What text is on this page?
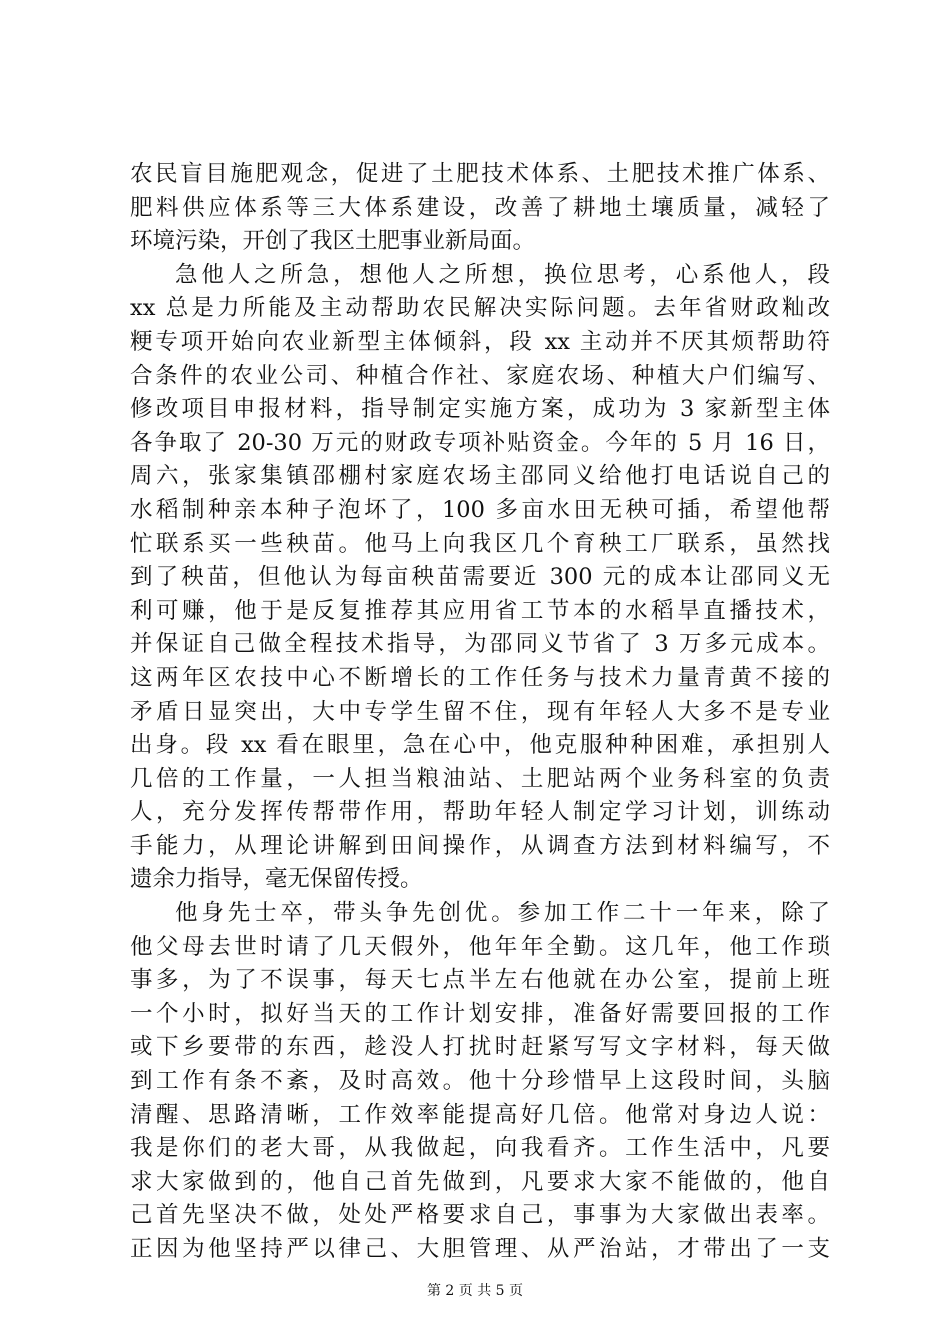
农民盲目施肥观念，促进了土肥技术体系、土肥技术推广体系、
肥料供应体系等三大体系建设，改善了耕地土壤质量，减轻了
环境污染，开创了我区土肥事业新局面。
急他人之所急，想他人之所想，换位思考，心系他人，段
xx 总是力所能及主动帮助农民解决实际问题。去年省财政籼改
粳专项开始向农业新型主体倾斜，段 xx 主动并不厌其烦帮助符
合条件的农业公司、种植合作社、家庭农场、种植大户们编写、
修改项目申报材料，指导制定实施方案，成功为 3 家新型主体
各争取了 20-30 万元的财政专项补贴资金。今年的 5 月 16 日，
周六，张家集镇邵棚村家庭农场主邵同义给他打电话说自己的
水稻制种亲本种子泡坏了，100 多亩水田无秧可插，希望他帮
忙联系买一些秧苗。他马上向我区几个育秧工厂联系，虽然找
到了秧苗，但他认为每亩秧苗需要近 300 元的成本让邵同义无
利可赚，他于是反复推荐其应用省工节本的水稻旱直播技术，
并保证自己做全程技术指导，为邵同义节省了 3 万多元成本。
这两年区农技中心不断增长的工作任务与技术力量青黄不接的
矛盾日显突出，大中专学生留不住，现有年轻人大多不是专业
出身。段 xx 看在眼里，急在心中，他克服种种困难，承担别人
几倍的工作量，一人担当粮油站、土肥站两个业务科室的负责
人，充分发挥传帮带作用，帮助年轻人制定学习计划，训练动
手能力，从理论讲解到田间操作，从调查方法到材料编写，不
遗余力指导，毫无保留传授。
他身先士卒，带头争先创优。参加工作二十一年来，除了
他父母去世时请了几天假外，他年年全勤。这几年，他工作琐
事多，为了不误事，每天七点半左右他就在办公室，提前上班
一个小时，拟好当天的工作计划安排，准备好需要回报的工作
或下乡要带的东西，趁没人打扰时赶紧写写文字材料，每天做
到工作有条不紊，及时高效。他十分珍惜早上这段时间，头脑
清醒、思路清晰，工作效率能提高好几倍。他常对身边人说：
我是你们的老大哥，从我做起，向我看齐。工作生活中，凡要
求大家做到的，他自己首先做到，凡要求大家不能做的，他自
己首先坚决不做，处处严格要求自己，事事为大家做出表率。
正因为他坚持严以律己、大胆管理、从严治站，才带出了一支
第 2 页 共 5 页
